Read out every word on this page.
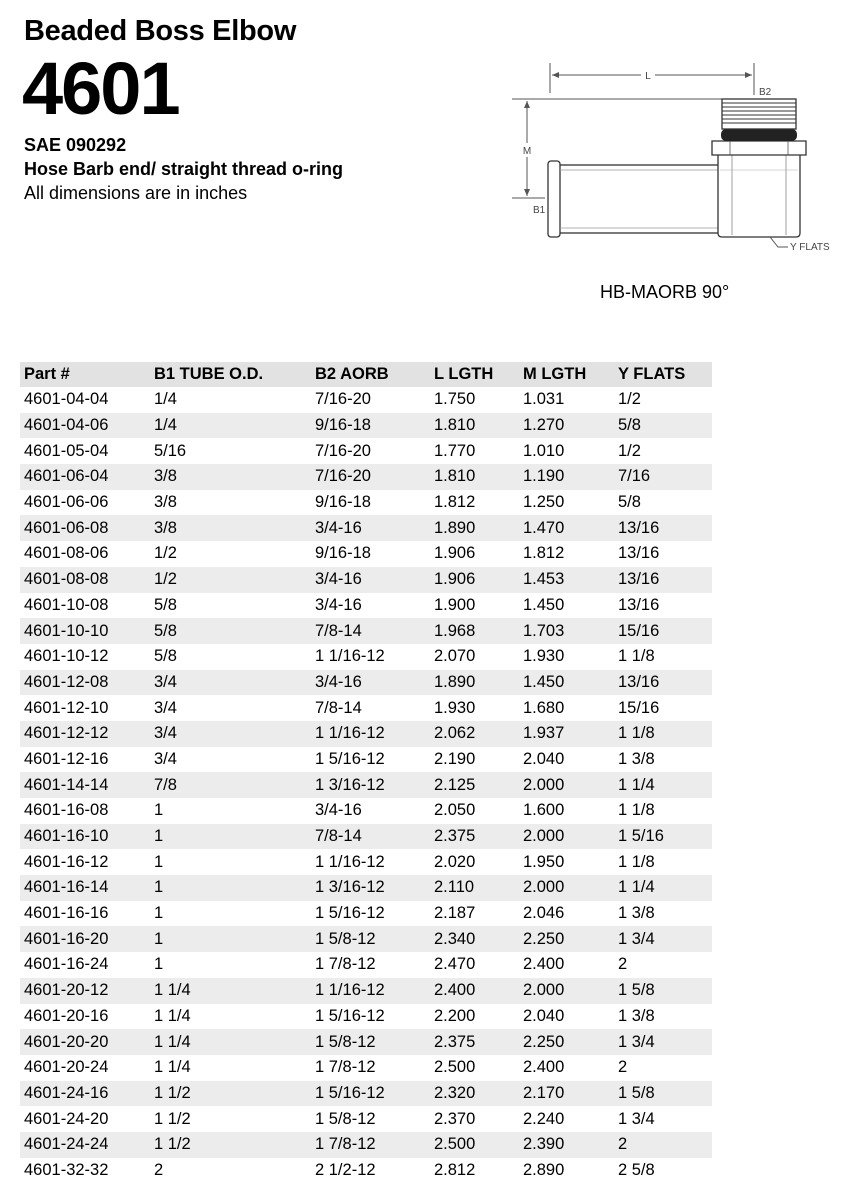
Beaded Boss Elbow
4601
SAE 090292
Hose Barb end/ straight thread o-ring
All dimensions are in inches
L
B2
M
B1
Y FLATS
HB-MAORB 90°
Part #	B1 TUBE O.D.	B2 AORB	L LGTH	M LGTH	Y FLATS
4601-04-04	1/4	7/16-20	1.750	1.031	1/2
4601-04-06	1/4	9/16-18	1.810	1.270	5/8
4601-05-04	5/16	7/16-20	1.770	1.010	1/2
4601-06-04	3/8	7/16-20	1.810	1.190	7/16
4601-06-06	3/8	9/16-18	1.812	1.250	5/8
4601-06-08	3/8	3/4-16	1.890	1.470	13/16
4601-08-06	1/2	9/16-18	1.906	1.812	13/16
4601-08-08	1/2	3/4-16	1.906	1.453	13/16
4601-10-08	5/8	3/4-16	1.900	1.450	13/16
4601-10-10	5/8	7/8-14	1.968	1.703	15/16
4601-10-12	5/8	1 1/16-12	2.070	1.930	1 1/8
4601-12-08	3/4	3/4-16	1.890	1.450	13/16
4601-12-10	3/4	7/8-14	1.930	1.680	15/16
4601-12-12	3/4	1 1/16-12	2.062	1.937	1 1/8
4601-12-16	3/4	1 5/16-12	2.190	2.040	1 3/8
4601-14-14	7/8	1 3/16-12	2.125	2.000	1 1/4
4601-16-08	1	3/4-16	2.050	1.600	1 1/8
4601-16-10	1	7/8-14	2.375	2.000	1 5/16
4601-16-12	1	1 1/16-12	2.020	1.950	1 1/8
4601-16-14	1	1 3/16-12	2.110	2.000	1 1/4
4601-16-16	1	1 5/16-12	2.187	2.046	1 3/8
4601-16-20	1	1 5/8-12	2.340	2.250	1 3/4
4601-16-24	1	1 7/8-12	2.470	2.400	2
4601-20-12	1 1/4	1 1/16-12	2.400	2.000	1 5/8
4601-20-16	1 1/4	1 5/16-12	2.200	2.040	1 3/8
4601-20-20	1 1/4	1 5/8-12	2.375	2.250	1 3/4
4601-20-24	1 1/4	1 7/8-12	2.500	2.400	2
4601-24-16	1 1/2	1 5/16-12	2.320	2.170	1 5/8
4601-24-20	1 1/2	1 5/8-12	2.370	2.240	1 3/4
4601-24-24	1 1/2	1 7/8-12	2.500	2.390	2
4601-32-32	2	2 1/2-12	2.812	2.890	2 5/8
